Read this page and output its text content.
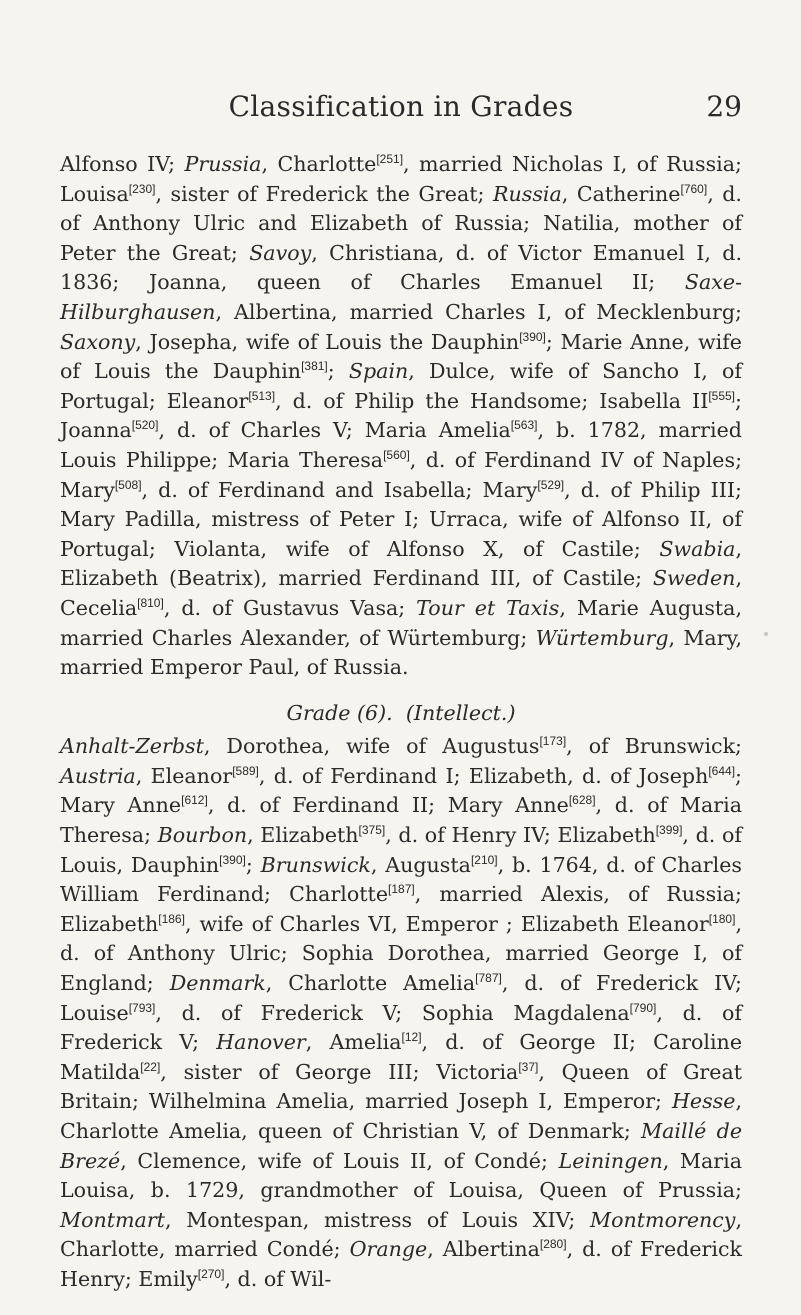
Classification in Grades	29

Alfonso IV; Prussia, Charlotte[251], married Nicholas I, of Russia; Louisa[230], sister of Frederick the Great; Russia, Catherine[760], d. of Anthony Ulric and Elizabeth of Russia; Natilia, mother of Peter the Great; Savoy, Christiana, d. of Victor Emanuel I, d. 1836; Joanna, queen of Charles Emanuel II; Saxe-Hilburghausen, Albertina, married Charles I, of Mecklenburg; Saxony, Josepha, wife of Louis the Dauphin[390]; Marie Anne, wife of Louis the Dauphin[381]; Spain, Dulce, wife of Sancho I, of Portugal; Eleanor[513], d. of Philip the Handsome; Isabella II[555]; Joanna[520], d. of Charles V; Maria Amelia[563], b. 1782, married Louis Philippe; Maria Theresa[560], d. of Ferdinand IV of Naples; Mary[508], d. of Ferdinand and Isabella; Mary[529], d. of Philip III; Mary Padilla, mistress of Peter I; Urraca, wife of Alfonso II, of Portugal; Violanta, wife of Alfonso X, of Castile; Swabia, Elizabeth (Beatrix), married Ferdinand III, of Castile; Sweden, Cecelia[810], d. of Gustavus Vasa; Tour et Taxis, Marie Augusta, married Charles Alexander, of Würtemburg; Würtemburg, Mary, married Emperor Paul, of Russia.

Grade (6). (Intellect.)

Anhalt-Zerbst, Dorothea, wife of Augustus[173], of Brunswick; Austria, Eleanor[589], d. of Ferdinand I; Elizabeth, d. of Joseph[644]; Mary Anne[612], d. of Ferdinand II; Mary Anne[628], d. of Maria Theresa; Bourbon, Elizabeth[375], d. of Henry IV; Elizabeth[399], d. of Louis, Dauphin[390]; Brunswick, Augusta[210], b. 1764, d. of Charles William Ferdinand; Charlotte[187], married Alexis, of Russia; Elizabeth[186], wife of Charles VI, Emperor ; Elizabeth Eleanor[180], d. of Anthony Ulric; Sophia Dorothea, married George I, of England; Denmark, Charlotte Amelia[787], d. of Frederick IV; Louise[793], d. of Frederick V; Sophia Magdalena[790], d. of Frederick V; Hanover, Amelia[12], d. of George II; Caroline Matilda[22], sister of George III; Victoria[37], Queen of Great Britain; Wilhelmina Amelia, married Joseph I, Emperor; Hesse, Charlotte Amelia, queen of Christian V, of Denmark; Maillé de Brezé, Clemence, wife of Louis II, of Condé; Leiningen, Maria Louisa, b. 1729, grandmother of Louisa, Queen of Prussia; Montmart, Montespan, mistress of Louis XIV; Montmorency, Charlotte, married Condé; Orange, Albertina[280], d. of Frederick Henry; Emily[270], d. of Wil-
